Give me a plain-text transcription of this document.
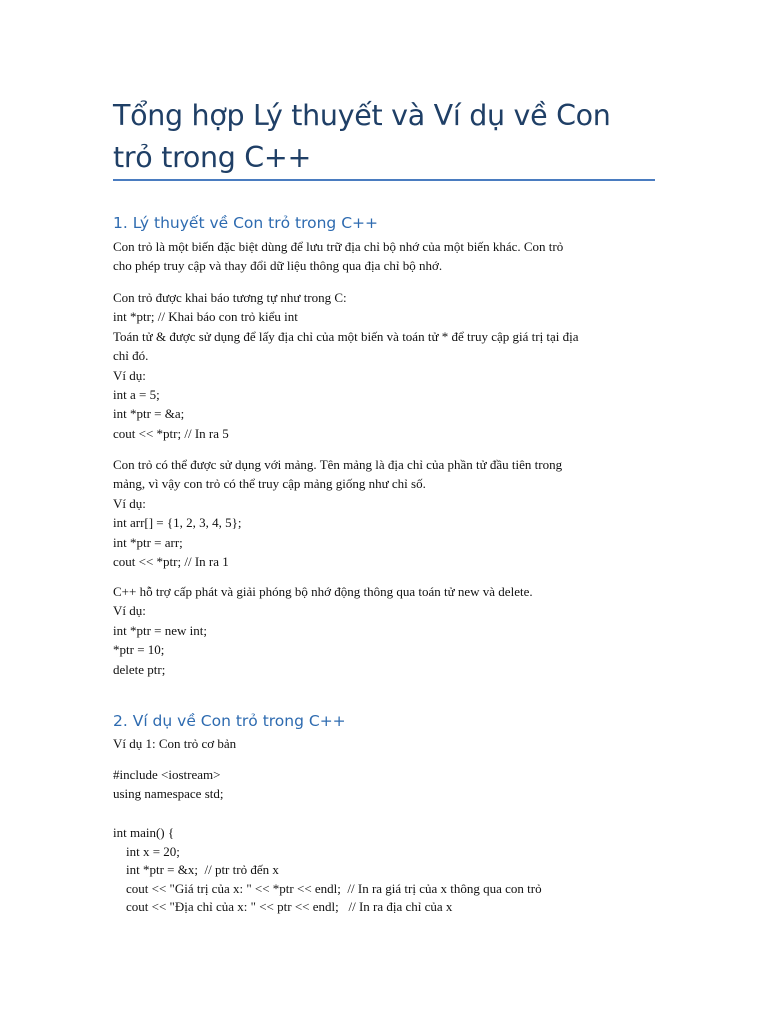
Tổng hợp Lý thuyết và Ví dụ về Con trỏ trong C++
1. Lý thuyết về Con trỏ trong C++

Con trỏ là một biến đặc biệt dùng để lưu trữ địa chỉ bộ nhớ của một biến khác. Con trỏ
cho phép truy cập và thay đổi dữ liệu thông qua địa chỉ bộ nhớ.

Con trỏ được khai báo tương tự như trong C:
int *ptr; // Khai báo con trỏ kiểu int
Toán tử & được sử dụng để lấy địa chỉ của một biến và toán tử * để truy cập giá trị tại địa
chỉ đó.
Ví dụ:
int a = 5;
int *ptr = &a;
cout << *ptr; // In ra 5

Con trỏ có thể được sử dụng với mảng. Tên mảng là địa chỉ của phần tử đầu tiên trong
mảng, vì vậy con trỏ có thể truy cập mảng giống như chỉ số.
Ví dụ:
int arr[] = {1, 2, 3, 4, 5};
int *ptr = arr;
cout << *ptr; // In ra 1

C++ hỗ trợ cấp phát và giải phóng bộ nhớ động thông qua toán tử new và delete.
Ví dụ:
int *ptr = new int;
*ptr = 10;
delete ptr;

2. Ví dụ về Con trỏ trong C++

Ví dụ 1: Con trỏ cơ bản

#include <iostream>
using namespace std;
int main() {
int x = 20;
int *ptr = &x;  // ptr trỏ đến x
cout << "Giá trị của x: " << *ptr << endl;  // In ra giá trị của x thông qua con trỏ
cout << "Địa chỉ của x: " << ptr << endl;   // In ra địa chỉ của x
